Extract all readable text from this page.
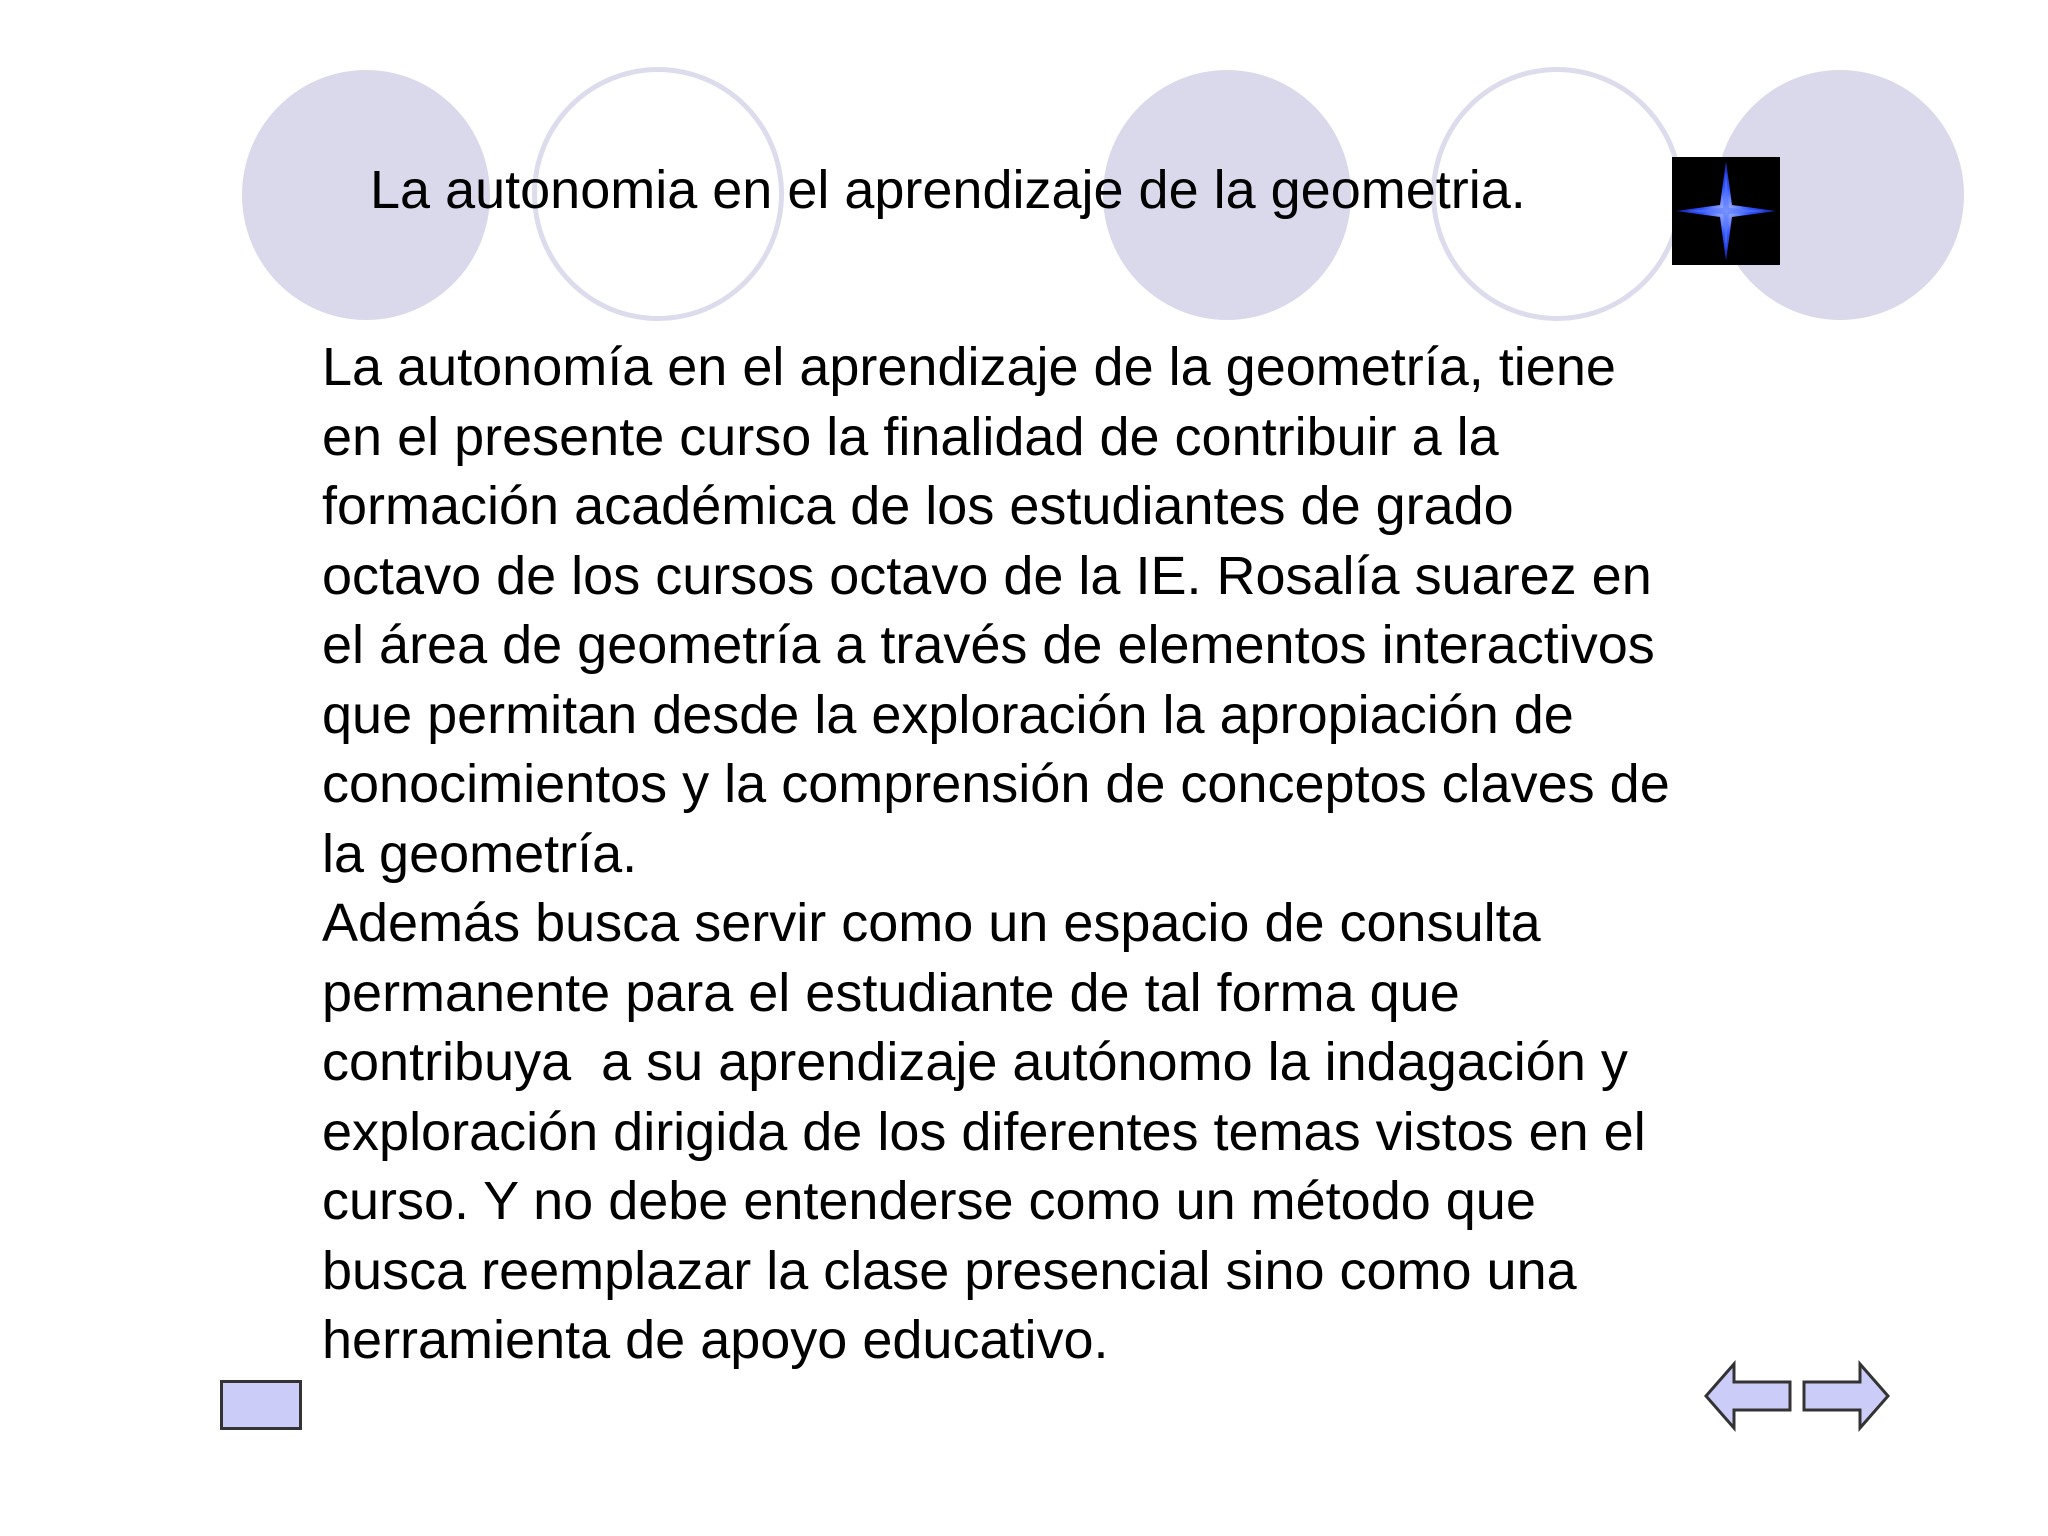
La autonomia en el aprendizaje de la geometria.

La autonomía en el aprendizaje de la geometría, tiene
en el presente curso la finalidad de contribuir a la
formación académica de los estudiantes de grado
octavo de los cursos octavo de la IE. Rosalía suarez en
el área de geometría a través de elementos interactivos
que permitan desde la exploración la apropiación de
conocimientos y la comprensión de conceptos claves de
la geometría.

Además busca servir como un espacio de consulta
permanente para el estudiante de tal forma que
contribuya  a su aprendizaje autónomo la indagación y
exploración dirigida de los diferentes temas vistos en el
curso. Y no debe entenderse como un método que
busca reemplazar la clase presencial sino como una
herramienta de apoyo educativo.
